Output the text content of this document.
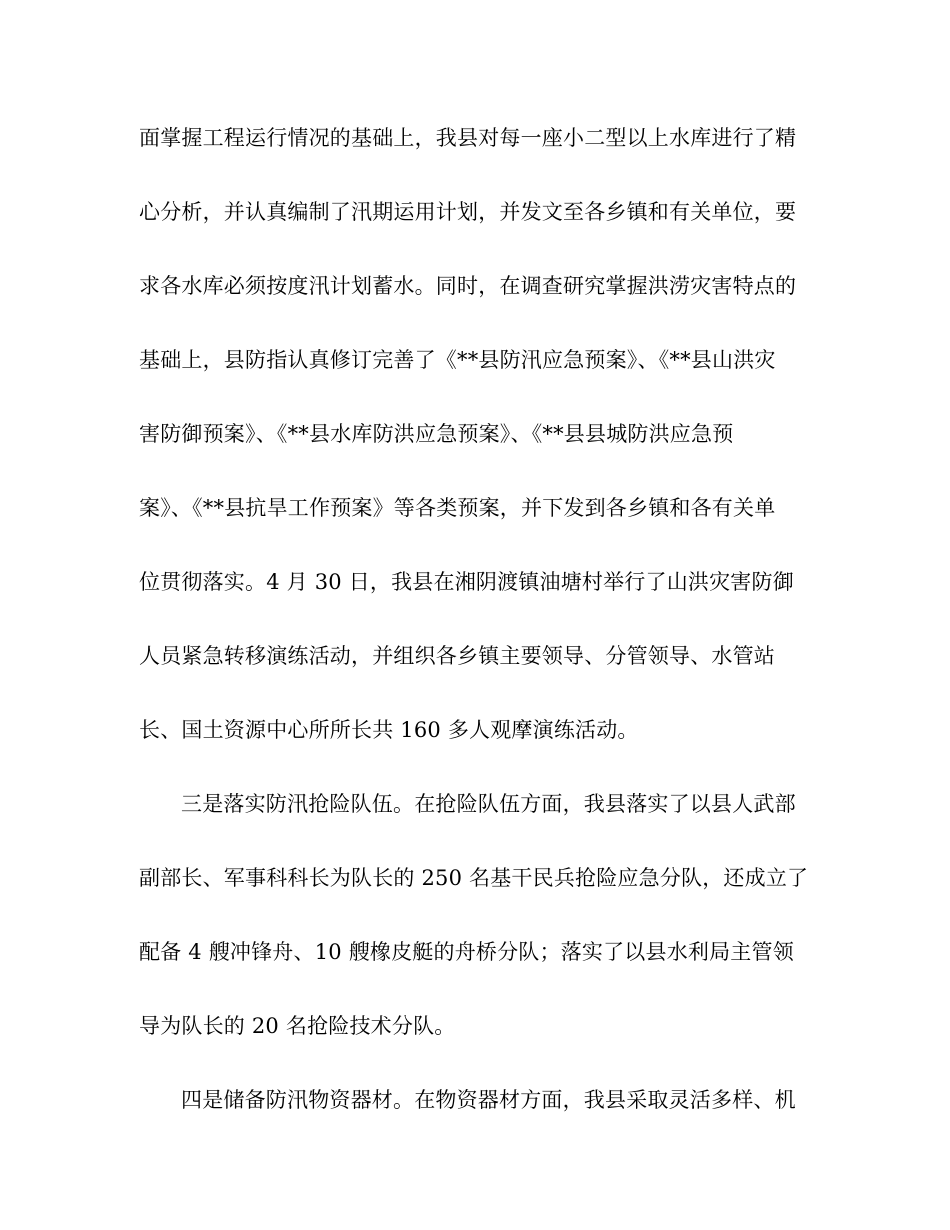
面掌握工程运行情况的基础上，我县对每一座小二型以上水库进行了精
心分析，并认真编制了汛期运用计划，并发文至各乡镇和有关单位，要
求各水库必须按度汛计划蓄水。同时，在调查研究掌握洪涝灾害特点的
基础上，县防指认真修订完善了《**县防汛应急预案》、《**县山洪灾
害防御预案》、《**县水库防洪应急预案》、《**县县城防洪应急预
案》、《**县抗旱工作预案》等各类预案，并下发到各乡镇和各有关单
位贯彻落实。4 月 30 日，我县在湘阴渡镇油塘村举行了山洪灾害防御
人员紧急转移演练活动，并组织各乡镇主要领导、分管领导、水管站
长、国土资源中心所所长共 160 多人观摩演练活动。
三是落实防汛抢险队伍。在抢险队伍方面，我县落实了以县人武部
副部长、军事科科长为队长的 250 名基干民兵抢险应急分队，还成立了
配备 4 艘冲锋舟、10 艘橡皮艇的舟桥分队；落实了以县水利局主管领
导为队长的 20 名抢险技术分队。
四是储备防汛物资器材。在物资器材方面，我县采取灵活多样、机
